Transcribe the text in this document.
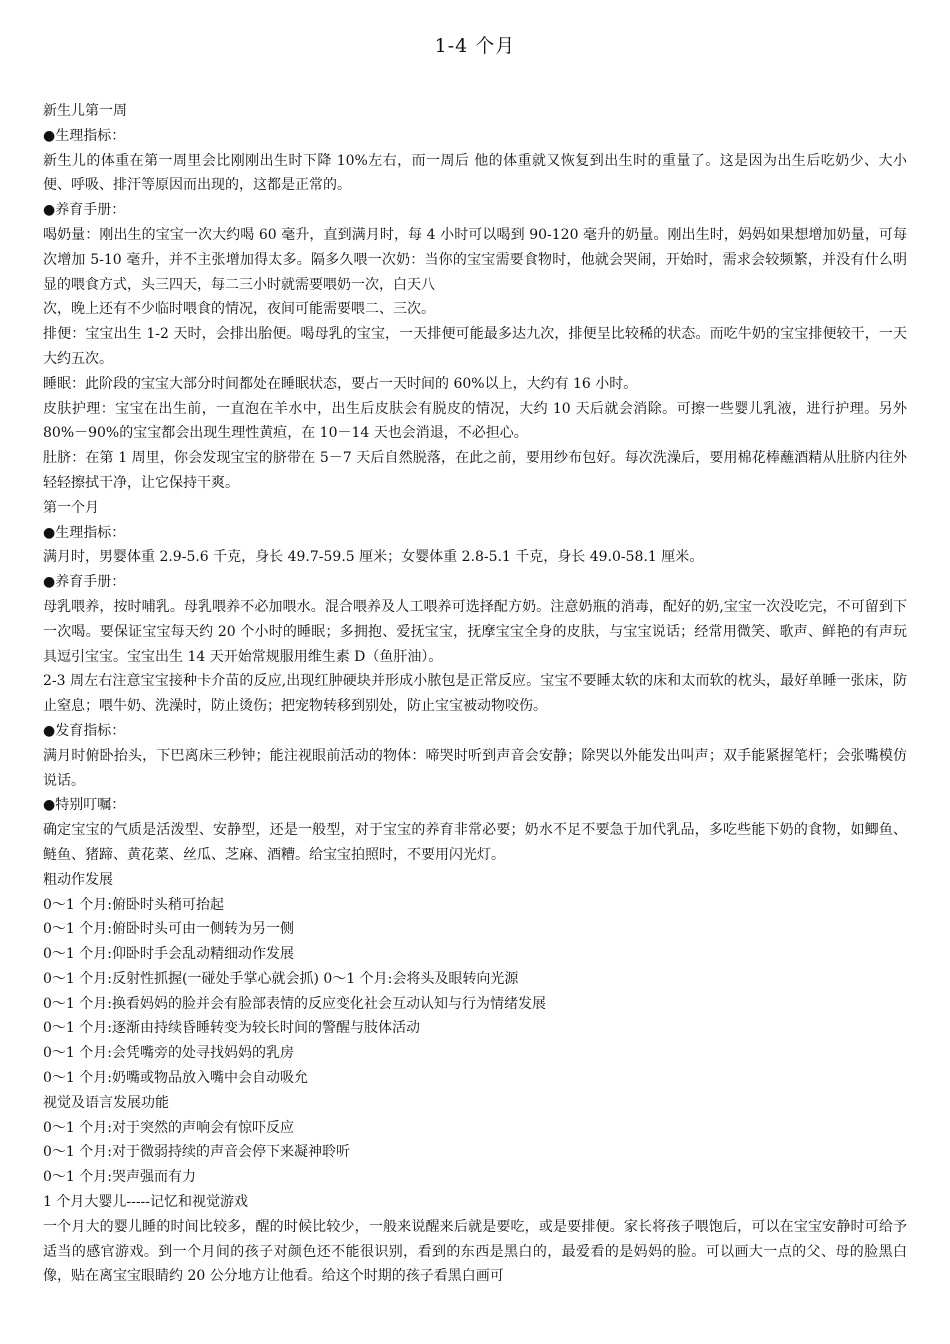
1-4 个月

新生儿第一周

●生理指标：

新生儿的体重在第一周里会比刚刚出生时下降 10%左右，而一周后 他的体重就又恢复到出生时的重量了。这是因为出生后吃奶少、大小便、呼吸、排汗等原因而出现的，这都是正常的。

●养育手册：

喝奶量：刚出生的宝宝一次大约喝 60 毫升，直到满月时，每 4 小时可以喝到 90-120 毫升的奶量。刚出生时，妈妈如果想增加奶量，可每次增加 5-10 毫升，并不主张增加得太多。隔多久喂一次奶：当你的宝宝需要食物时，他就会哭闹，开始时，需求会较频繁，并没有什么明显的喂食方式，头三四天，每二三小时就需要喂奶一次，白天八

次，晚上还有不少临时喂食的情况，夜间可能需要喂二、三次。

排便：宝宝出生 1-2 天时，会排出胎便。喝母乳的宝宝，一天排便可能最多达九次，排便呈比较稀的状态。而吃牛奶的宝宝排便较干，一天大约五次。

睡眠：此阶段的宝宝大部分时间都处在睡眠状态，要占一天时间的 60%以上，大约有 16 小时。

皮肤护理：宝宝在出生前，一直泡在羊水中，出生后皮肤会有脱皮的情况，大约 10 天后就会消除。可擦一些婴儿乳液，进行护理。另外 80%－90%的宝宝都会出现生理性黄疸，在 10－14 天也会消退，不必担心。

肚脐：在第 1 周里，你会发现宝宝的脐带在 5－7 天后自然脱落，在此之前，要用纱布包好。每次洗澡后，要用棉花棒蘸酒精从肚脐内往外轻轻擦拭干净，让它保持干爽。

第一个月

●生理指标：

满月时，男婴体重 2.9-5.6 千克，身长 49.7-59.5 厘米；女婴体重 2.8-5.1 千克，身长 49.0-58.1 厘米。

●养育手册：

母乳喂养，按时哺乳。母乳喂养不必加喂水。混合喂养及人工喂养可选择配方奶。注意奶瓶的消毒，配好的奶,宝宝一次没吃完，不可留到下一次喝。要保证宝宝每天约 20 个小时的睡眠；多拥抱、爱抚宝宝，抚摩宝宝全身的皮肤，与宝宝说话；经常用微笑、歌声、鲜艳的有声玩具逗引宝宝。宝宝出生 14 天开始常规服用维生素 D（鱼肝油）。

2-3 周左右注意宝宝接种卡介苗的反应,出现红肿硬块并形成小脓包是正常反应。宝宝不要睡太软的床和太而软的枕头，最好单睡一张床，防止窒息；喂牛奶、洗澡时，防止烫伤；把宠物转移到别处，防止宝宝被动物咬伤。

●发育指标：

满月时俯卧抬头，下巴离床三秒钟；能注视眼前活动的物体：啼哭时听到声音会安静；除哭以外能发出叫声；双手能紧握笔杆；会张嘴模仿说话。

●特别叮嘱：

确定宝宝的气质是活泼型、安静型，还是一般型，对于宝宝的养育非常必要；奶水不足不要急于加代乳品，多吃些能下奶的食物，如鲫鱼、鲢鱼、猪蹄、黄花菜、丝瓜、芝麻、酒糟。给宝宝拍照时，不要用闪光灯。

粗动作发展

0～1 个月:俯卧时头稍可抬起

0～1 个月:俯卧时头可由一侧转为另一侧

0～1 个月:仰卧时手会乱动精细动作发展

0～1 个月:反射性抓握(一碰处手掌心就会抓) 0～1 个月:会将头及眼转向光源

0～1 个月:换看妈妈的脸并会有脸部表情的反应变化社会互动认知与行为情绪发展

0～1 个月:逐渐由持续昏睡转变为较长时间的警醒与肢体活动

0～1 个月:会凭嘴旁的处寻找妈妈的乳房

0～1 个月:奶嘴或物品放入嘴中会自动吸允

视觉及语言发展功能

0～1 个月:对于突然的声响会有惊吓反应

0～1 个月:对于微弱持续的声音会停下来凝神聆听

0～1 个月:哭声强而有力

1 个月大婴儿-----记忆和视觉游戏

一个月大的婴儿睡的时间比较多，醒的时候比较少，一般来说醒来后就是要吃，或是要排便。家长将孩子喂饱后，可以在宝宝安静时可给予适当的感官游戏。到一个月间的孩子对颜色还不能很识别，看到的东西是黑白的，最爱看的是妈妈的脸。可以画大一点的父、母的脸黑白像，贴在离宝宝眼睛约 20 公分地方让他看。给这个时期的孩子看黑白画可
